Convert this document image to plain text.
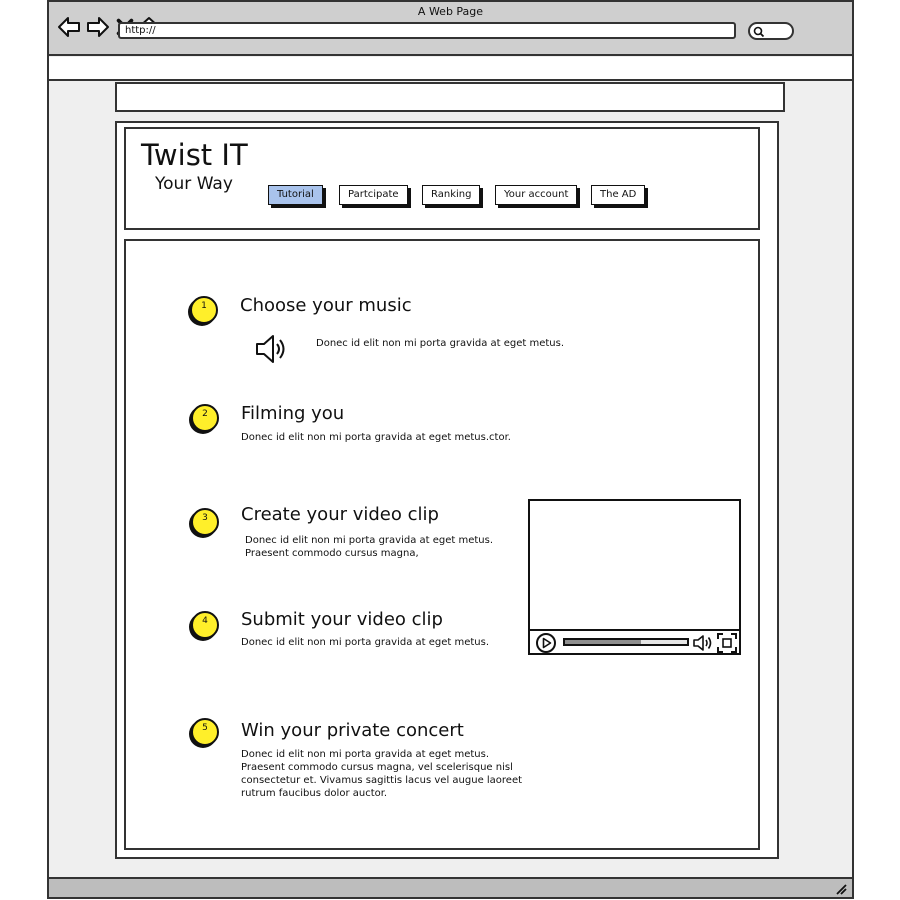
A Web Page
http://
Twist IT
Your Way
Tutorial	Partcipate	Ranking	Your account	The AD
1	Choose your music
Donec id elit non mi porta gravida at eget metus.
2	Filming you
Donec id elit non mi porta gravida at eget metus.ctor.
3	Create your video clip
Donec id elit non mi porta gravida at eget metus. Praesent commodo cursus magna,
4	Submit your video clip
Donec id elit non mi porta gravida at eget metus.
5	Win your private concert
Donec id elit non mi porta gravida at eget metus. Praesent commodo cursus magna, vel scelerisque nisl consectetur et. Vivamus sagittis lacus vel augue laoreet rutrum faucibus dolor auctor.
